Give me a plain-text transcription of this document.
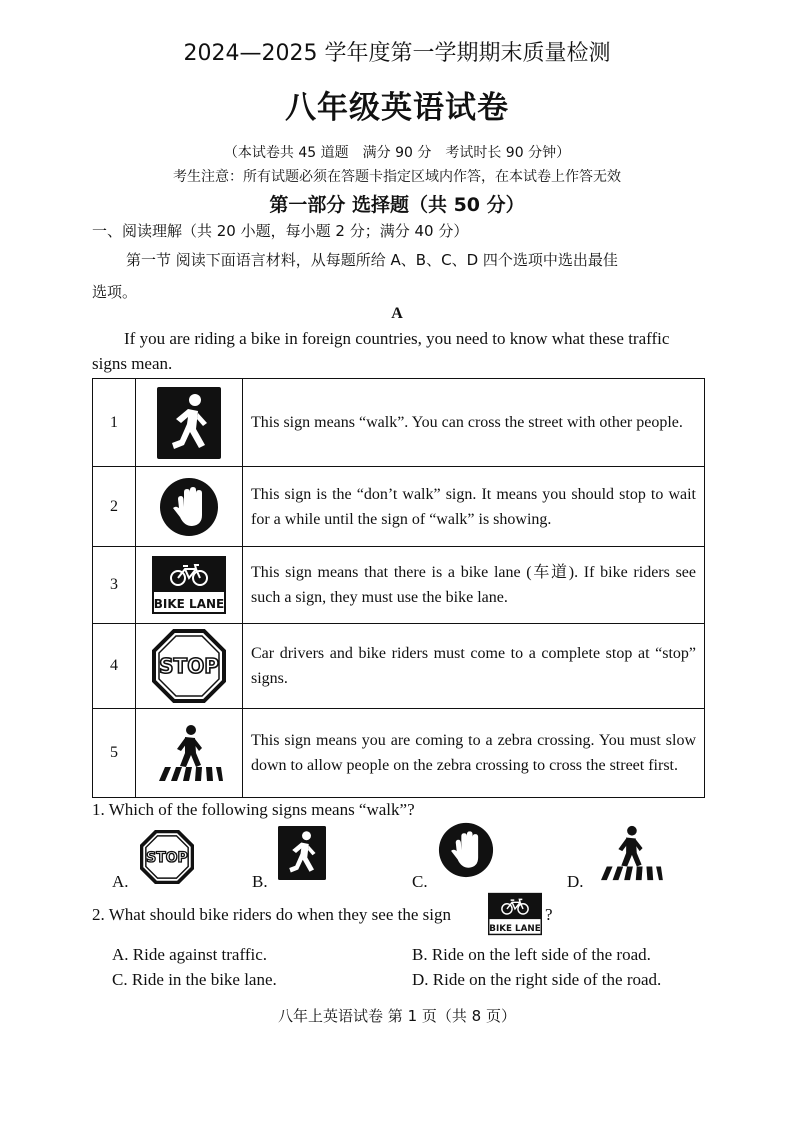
2024—2025 学年度第一学期期末质量检测
八年级英语试卷
（本试卷共 45 道题　满分 90 分　考试时长 90 分钟）
考生注意：所有试题必须在答题卡指定区域内作答，在本试卷上作答无效
第一部分 选择题（共 50 分）
一、阅读理解（共 20 小题，每小题 2 分；满分 40 分）
第一节 阅读下面语言材料，从每题所给 A、B、C、D 四个选项中选出最佳
选项。
A
If you are riding a bike in foreign countries, you need to know what these traffic
signs mean.
1		This sign means “walk”. You can cross the street with other people.
2		This sign is the “don’t walk” sign. It means you should stop to wait for a while until the sign of “walk” is showing.
3	BIKE LANE	This sign means that there is a bike lane (车道). If bike riders see such a sign, they must use the bike lane.
4	STOP	Car drivers and bike riders must come to a complete stop at “stop” signs.
5		This sign means you are coming to a zebra crossing. You must slow down to allow people on the zebra crossing to cross the street first.
1. Which of the following signs means “walk”?
A.
STOP
B.	C.	D.
2. What should bike riders do when they see the sign
BIKE LANE
?
A. Ride against traffic.	B. Ride on the left side of the road.
C. Ride in the bike lane.	D. Ride on the right side of the road.
八年上英语试卷 第 1 页（共 8 页）
